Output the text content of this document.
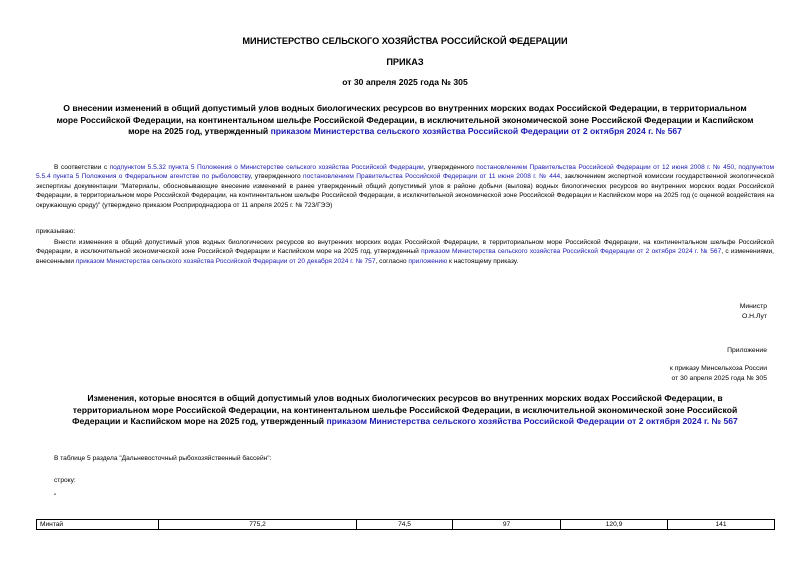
МИНИСТЕРСТВО СЕЛЬСКОГО ХОЗЯЙСТВА РОССИЙСКОЙ ФЕДЕРАЦИИ
ПРИКАЗ
от 30 апреля 2025 года № 305
О внесении изменений в общий допустимый улов водных биологических ресурсов во внутренних морских водах Российской Федерации, в территориальном море Российской Федерации, на континентальном шельфе Российской Федерации, в исключительной экономической зоне Российской Федерации и Каспийском море на 2025 год, утвержденный приказом Министерства сельского хозяйства Российской Федерации от 2 октября 2024 г. № 567
В соответствии с подпунктом 5.5.32 пункта 5 Положения о Министерстве сельского хозяйства Российской Федерации, утвержденного постановлением Правительства Российской Федерации от 12 июня 2008 г. № 450, подпунктом 5.5.4 пункта 5 Положения о Федеральном агентстве по рыболовству, утвержденного постановлением Правительства Российской Федерации от 11 июня 2008 г. № 444, заключением экспертной комиссии государственной экологической экспертизы документации "Материалы, обосновывающие внесение изменений в ранее утвержденный общий допустимый улов в районе добычи (вылова) водных биологических ресурсов во внутренних морских водах Российской Федерации, в территориальном море Российской Федерации, на континентальном шельфе Российской Федерации, в исключительной экономической зоне Российской Федерации и Каспийском море на 2025 год (с оценкой воздействия на окружающую среду)" (утверждено приказом Росприроднадзора от 11 апреля 2025 г. № 723/ГЭЭ)
приказываю:
Внести изменения в общий допустимый улов водных биологических ресурсов во внутренних морских водах Российской Федерации, в территориальном море Российской Федерации, на континентальном шельфе Российской Федерации, в исключительной экономической зоне Российской Федерации и Каспийском море на 2025 год, утвержденный приказом Министерства сельского хозяйства Российской Федерации от 2 октября 2024 г. № 567, с изменениями, внесенными приказом Министерства сельского хозяйства Российской Федерации от 20 декабря 2024 г. № 757, согласно приложению к настоящему приказу.
Министр
О.Н.Лут
Приложение
к приказу Минсельхоза России
от 30 апреля 2025 года № 305
Изменения, которые вносятся в общий допустимый улов водных биологических ресурсов во внутренних морских водах Российской Федерации, в территориальном море Российской Федерации, на континентальном шельфе Российской Федерации, в исключительной экономической зоне Российской Федерации и Каспийском море на 2025 год, утвержденный приказом Министерства сельского хозяйства Российской Федерации от 2 октября 2024 г. № 567
В таблице 5 раздела "Дальневосточный рыбохозяйственный бассейн":
строку:
"
Минтай	775,2	74,5	97	120,9	141
